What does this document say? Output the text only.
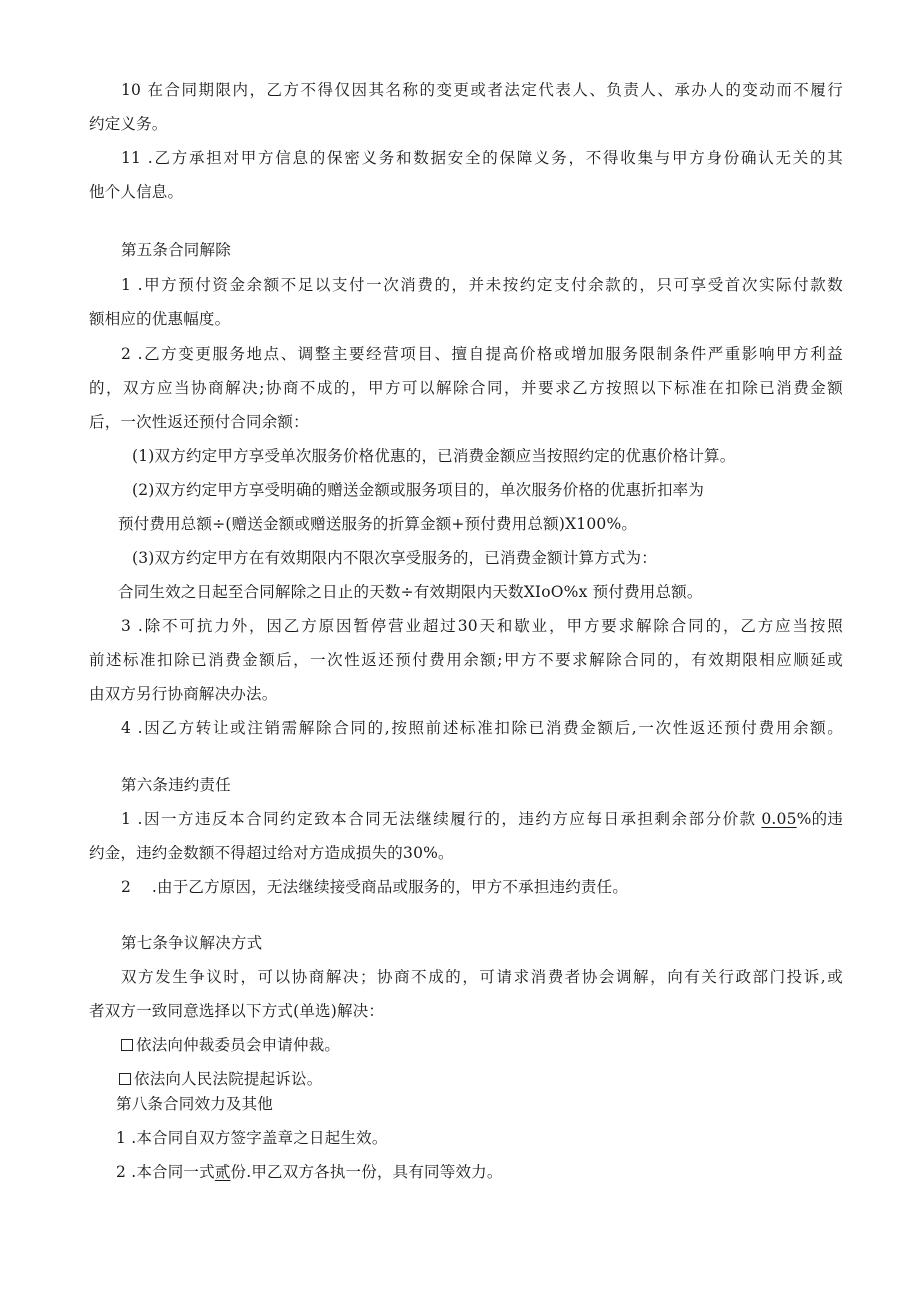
10 在合同期限内，乙方不得仅因其名称的变更或者法定代表人、负责人、承办人的变动而不履行
约定义务。
11 .乙方承担对甲方信息的保密义务和数据安全的保障义务，不得收集与甲方身份确认无关的其
他个人信息。
第五条合同解除
1 .甲方预付资金余额不足以支付一次消费的，并未按约定支付余款的，只可享受首次实际付款数
额相应的优惠幅度。
2 .乙方变更服务地点、调整主要经营项目、擅自提高价格或增加服务限制条件严重影响甲方利益
的，双方应当协商解决;协商不成的，甲方可以解除合同，并要求乙方按照以下标准在扣除已消费金额
后，一次性返还预付合同余额：
(1)双方约定甲方享受单次服务价格优惠的，已消费金额应当按照约定的优惠价格计算。
(2)双方约定甲方享受明确的赠送金额或服务项目的，单次服务价格的优惠折扣率为
预付费用总额÷(赠送金额或赠送服务的折算金额+预付费用总额)X100%。
(3)双方约定甲方在有效期限内不限次享受服务的，已消费金额计算方式为：
合同生效之日起至合同解除之日止的天数÷有效期限内天数XIoO%x 预付费用总额。
3 .除不可抗力外，因乙方原因暂停营业超过30天和歇业，甲方要求解除合同的，乙方应当按照
前述标准扣除已消费金额后，一次性返还预付费用余额;甲方不要求解除合同的，有效期限相应顺延或
由双方另行协商解决办法。
4 .因乙方转让或注销需解除合同的,按照前述标准扣除已消费金额后,一次性返还预付费用余额。
第六条违约责任
1 .因一方违反本合同约定致本合同无法继续履行的，违约方应每日承担剩余部分价款 0.05%的违
约金，违约金数额不得超过给对方造成损失的30%。
2　 .由于乙方原因，无法继续接受商品或服务的，甲方不承担违约责任。
第七条争议解决方式
双方发生争议时，可以协商解决；协商不成的，可请求消费者协会调解，向有关行政部门投诉,或
者双方一致同意选择以下方式(单选)解决：
依法向仲裁委员会申请仲裁。
依法向人民法院提起诉讼。
第八条合同效力及其他
1 .本合同自双方签字盖章之日起生效。
2 .本合同一式贰份.甲乙双方各执一份，具有同等效力。
